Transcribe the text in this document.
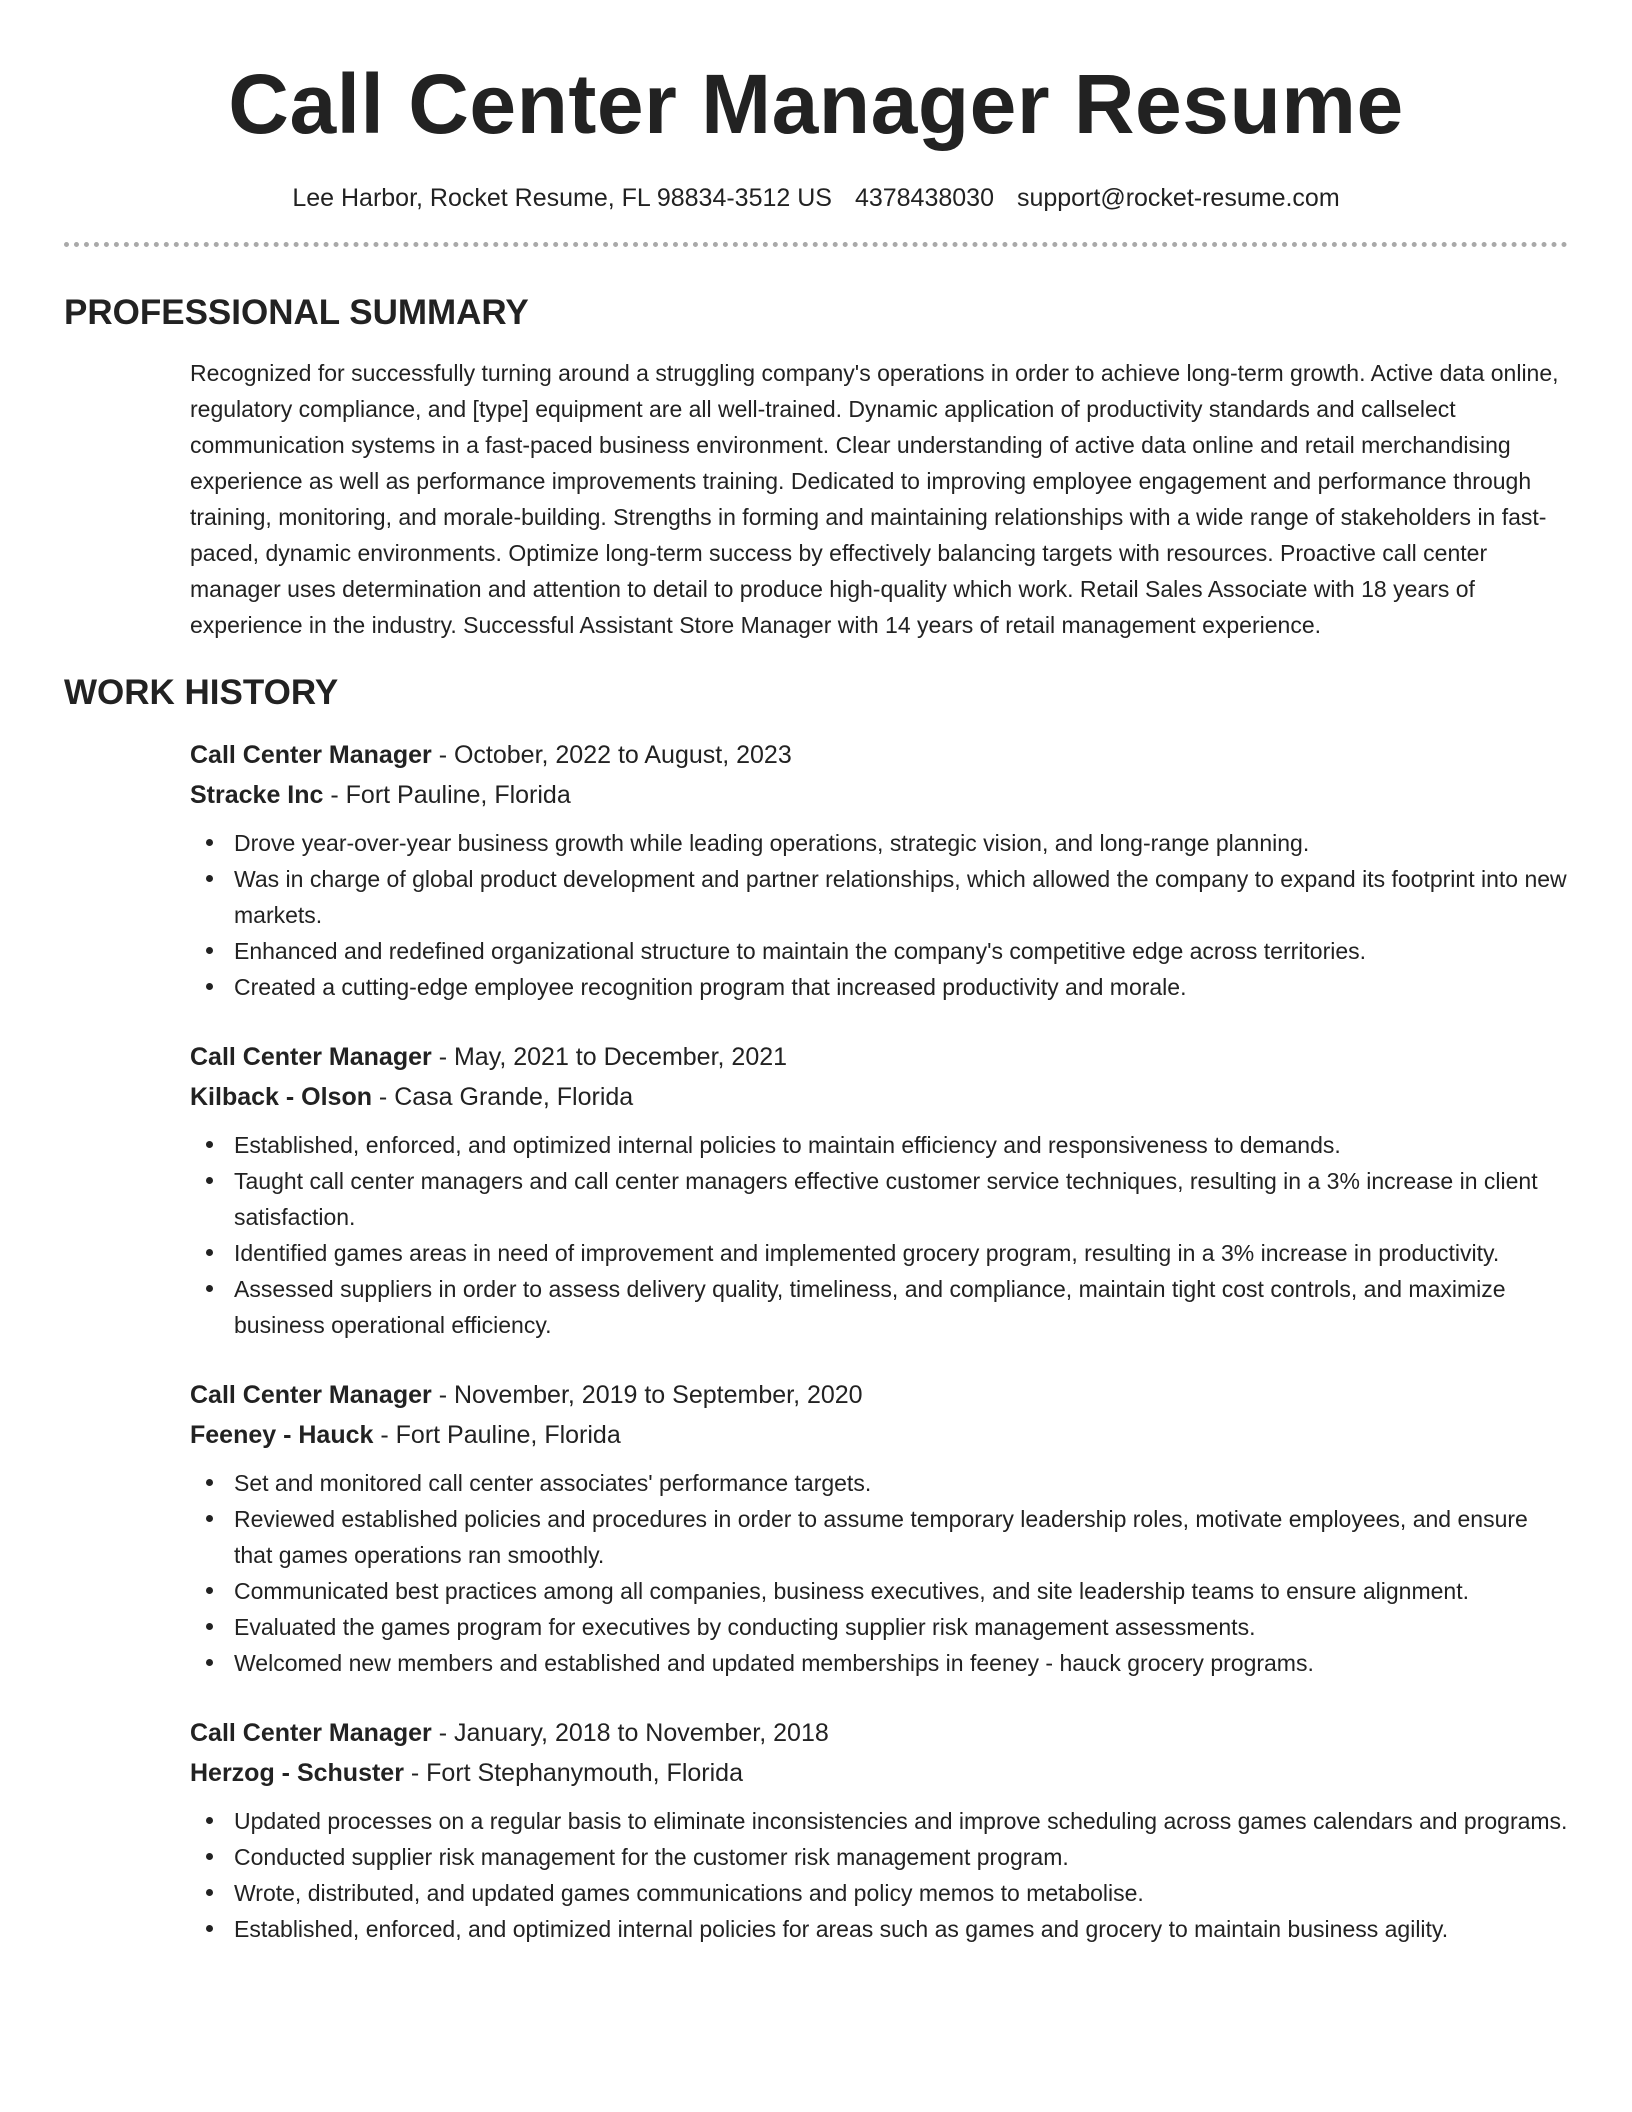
Call Center Manager Resume
Lee Harbor, Rocket Resume, FL 98834-3512 US 4378438030 support@rocket-resume.com
PROFESSIONAL SUMMARY
Recognized for successfully turning around a struggling company's operations in order to achieve long-term growth. Active data online, regulatory compliance, and [type] equipment are all well-trained. Dynamic application of productivity standards and callselect communication systems in a fast-paced business environment. Clear understanding of active data online and retail merchandising experience as well as performance improvements training. Dedicated to improving employee engagement and performance through training, monitoring, and morale-building. Strengths in forming and maintaining relationships with a wide range of stakeholders in fast-paced, dynamic environments. Optimize long-term success by effectively balancing targets with resources. Proactive call center manager uses determination and attention to detail to produce high-quality which work. Retail Sales Associate with 18 years of experience in the industry. Successful Assistant Store Manager with 14 years of retail management experience.
WORK HISTORY
Call Center Manager - October, 2022 to August, 2023
Stracke Inc - Fort Pauline, Florida
Drove year-over-year business growth while leading operations, strategic vision, and long-range planning.
Was in charge of global product development and partner relationships, which allowed the company to expand its footprint into new markets.
Enhanced and redefined organizational structure to maintain the company's competitive edge across territories.
Created a cutting-edge employee recognition program that increased productivity and morale.
Call Center Manager - May, 2021 to December, 2021
Kilback - Olson - Casa Grande, Florida
Established, enforced, and optimized internal policies to maintain efficiency and responsiveness to demands.
Taught call center managers and call center managers effective customer service techniques, resulting in a 3% increase in client satisfaction.
Identified games areas in need of improvement and implemented grocery program, resulting in a 3% increase in productivity.
Assessed suppliers in order to assess delivery quality, timeliness, and compliance, maintain tight cost controls, and maximize business operational efficiency.
Call Center Manager - November, 2019 to September, 2020
Feeney - Hauck - Fort Pauline, Florida
Set and monitored call center associates' performance targets.
Reviewed established policies and procedures in order to assume temporary leadership roles, motivate employees, and ensure that games operations ran smoothly.
Communicated best practices among all companies, business executives, and site leadership teams to ensure alignment.
Evaluated the games program for executives by conducting supplier risk management assessments.
Welcomed new members and established and updated memberships in feeney - hauck grocery programs.
Call Center Manager - January, 2018 to November, 2018
Herzog - Schuster - Fort Stephanymouth, Florida
Updated processes on a regular basis to eliminate inconsistencies and improve scheduling across games calendars and programs.
Conducted supplier risk management for the customer risk management program.
Wrote, distributed, and updated games communications and policy memos to metabolise.
Established, enforced, and optimized internal policies for areas such as games and grocery to maintain business agility.
